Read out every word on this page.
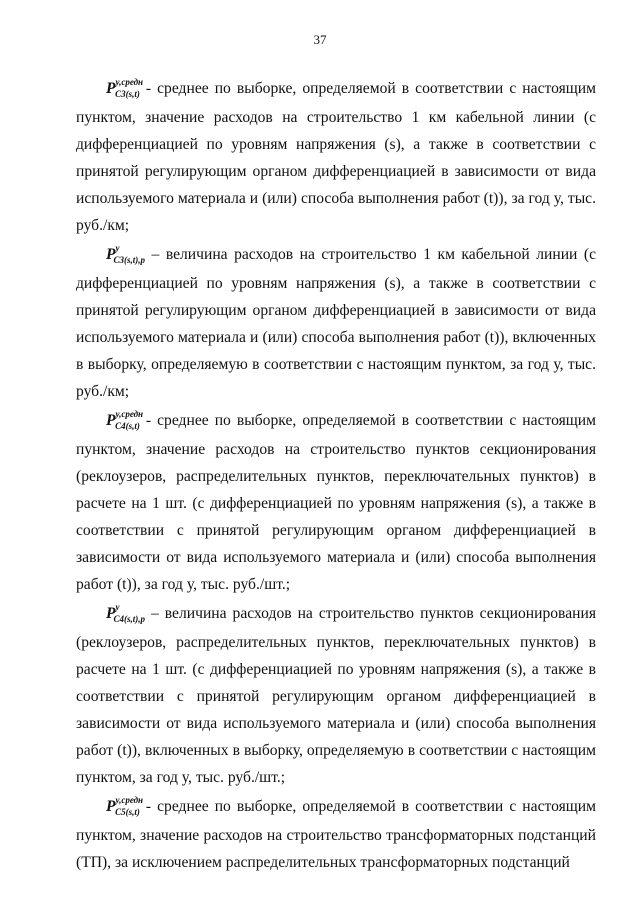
37

$P^{у,средн}_{C3(s,t)}$ - среднее по выборке, определяемой в соответствии с настоящим пунктом, значение расходов на строительство 1 км кабельной линии (с дифференциацией по уровням напряжения (s), а также в соответствии с принятой регулирующим органом дифференциацией в зависимости от вида используемого материала и (или) способа выполнения работ (t)), за год у, тыс. руб./км;

$P^у_{C3(s,t),p}$ – величина расходов на строительство 1 км кабельной линии (с дифференциацией по уровням напряжения (s), а также в соответствии с принятой регулирующим органом дифференциацией в зависимости от вида используемого материала и (или) способа выполнения работ (t)), включенных в выборку, определяемую в соответствии с настоящим пунктом, за год у, тыс. руб./км;

$P^{у,средн}_{C4(s,t)}$ - среднее по выборке, определяемой в соответствии с настоящим пунктом, значение расходов на строительство пунктов секционирования (реклоузеров, распределительных пунктов, переключательных пунктов) в расчете на 1 шт. (с дифференциацией по уровням напряжения (s), а также в соответствии с принятой регулирующим органом дифференциацией в зависимости от вида используемого материала и (или) способа выполнения работ (t)), за год у, тыс. руб./шт.;

$P^у_{C4(s,t),p}$ – величина расходов на строительство пунктов секционирования (реклоузеров, распределительных пунктов, переключательных пунктов) в расчете на 1 шт. (с дифференциацией по уровням напряжения (s), а также в соответствии с принятой регулирующим органом дифференциацией в зависимости от вида используемого материала и (или) способа выполнения работ (t)), включенных в выборку, определяемую в соответствии с настоящим пунктом, за год у, тыс. руб./шт.;

$P^{у,средн}_{C5(s,t)}$ - среднее по выборке, определяемой в соответствии с настоящим пунктом, значение расходов на строительство трансформаторных подстанций (ТП), за исключением распределительных трансформаторных подстанций
